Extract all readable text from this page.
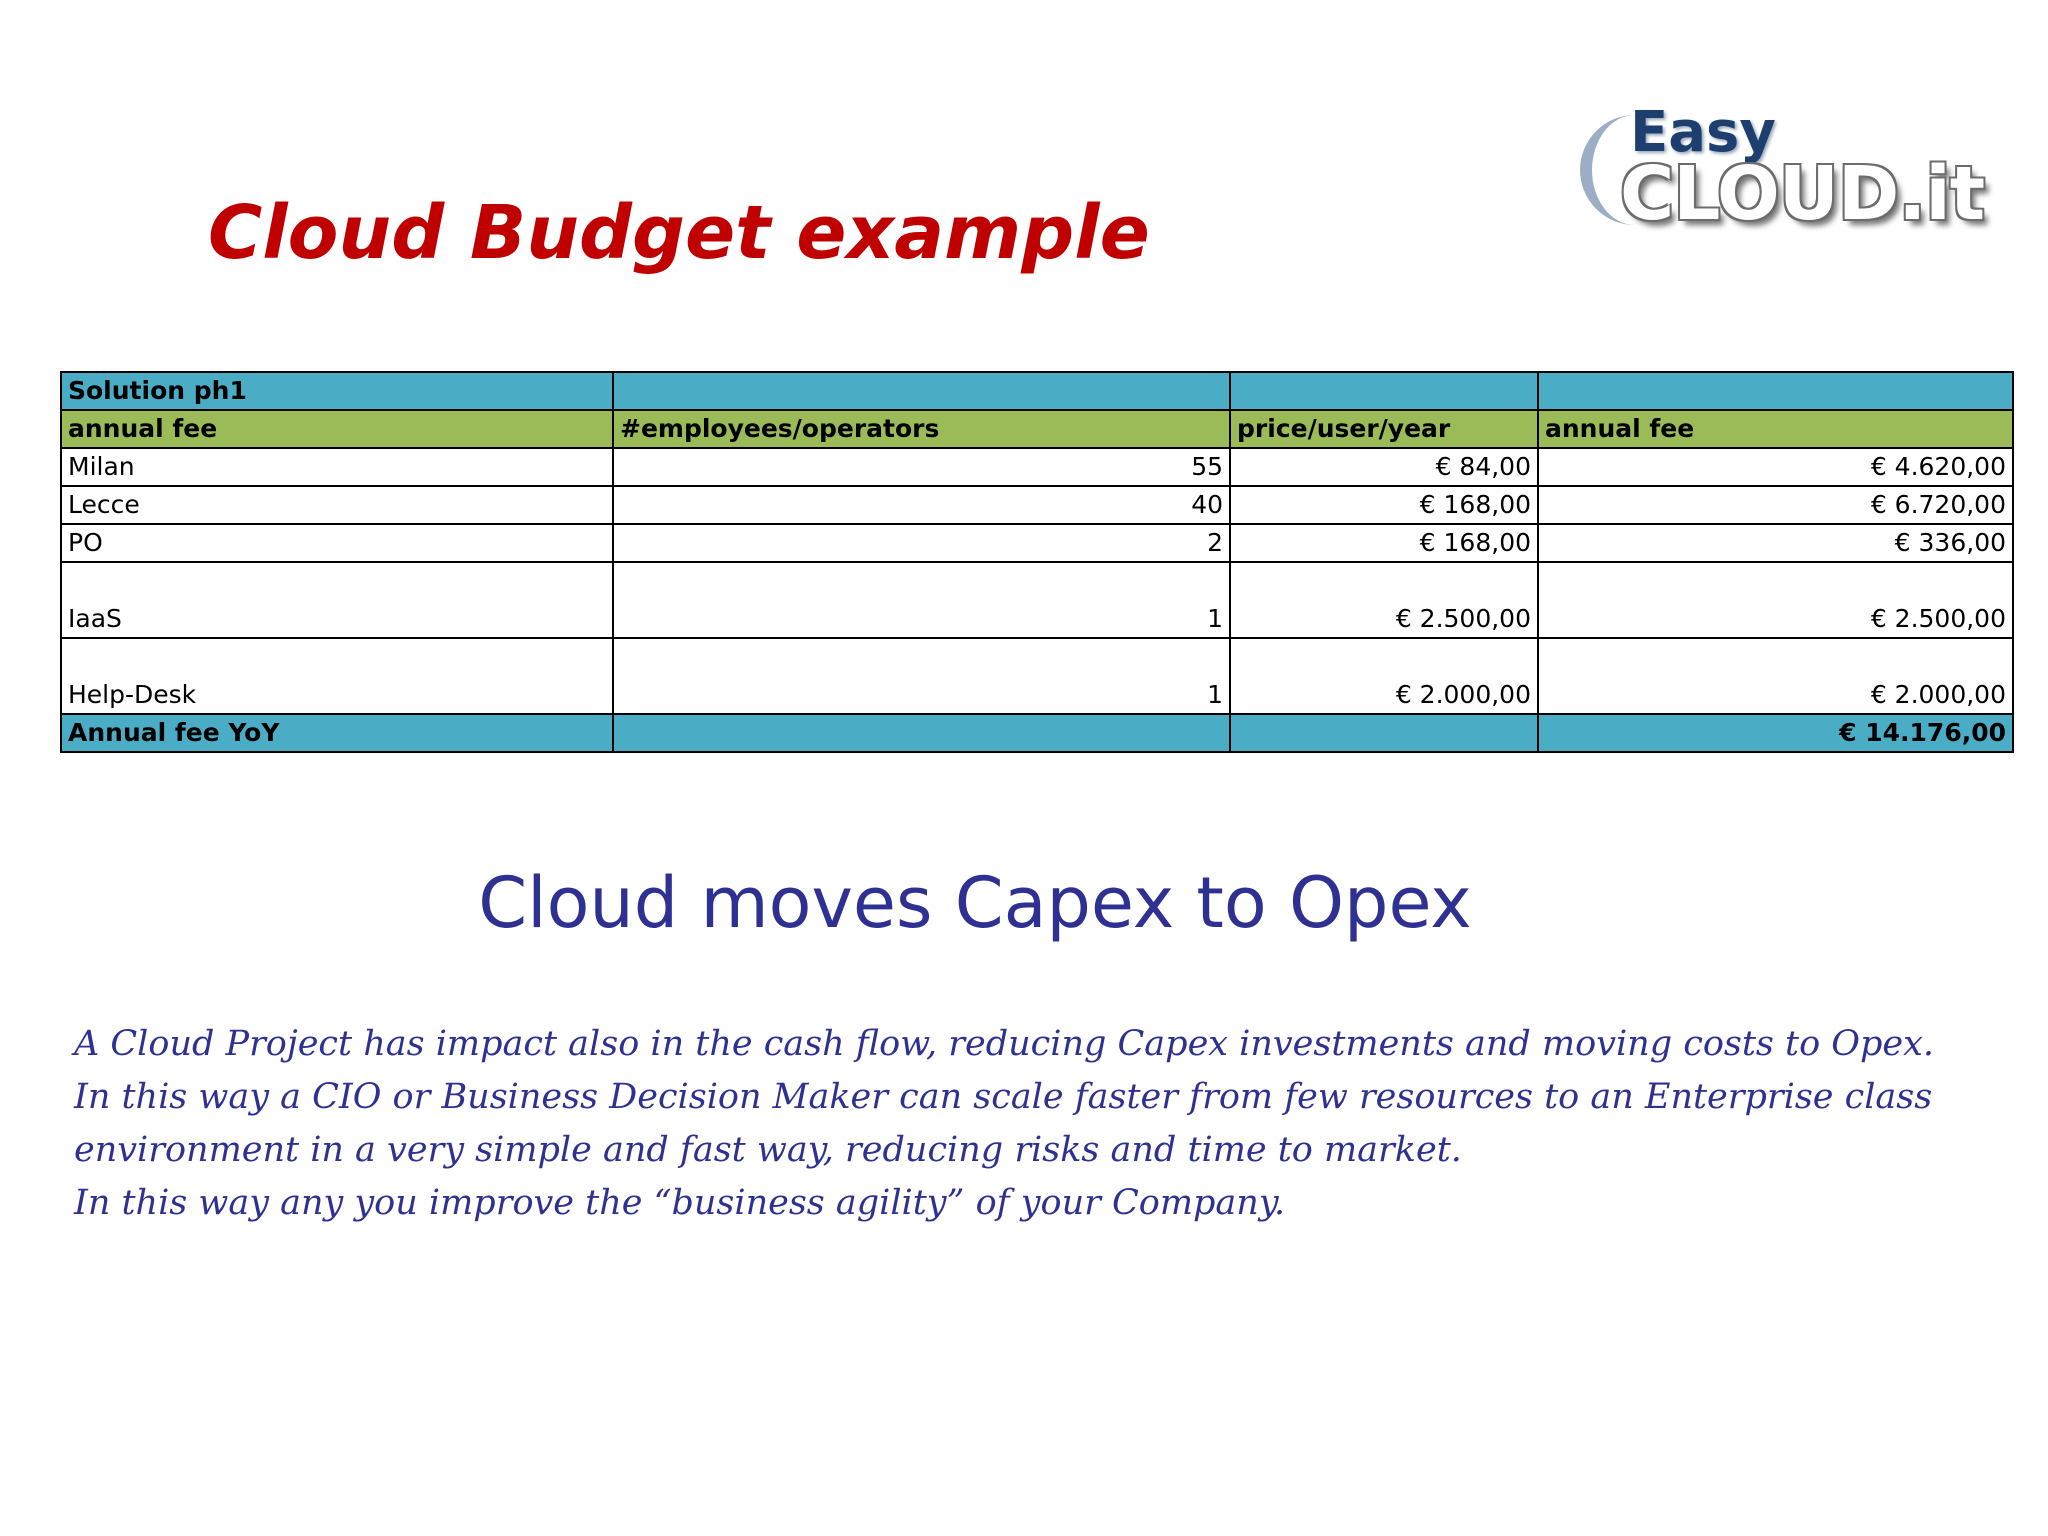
Cloud Budget example
Easy
CLOUD.it
Solution ph1			
annual fee	#employees/operators	price/user/year	annual fee
Milan	55	€ 84,00	€ 4.620,00
Lecce	40	€ 168,00	€ 6.720,00
PO	2	€ 168,00	€ 336,00
IaaS	1	€ 2.500,00	€ 2.500,00
Help-Desk	1	€ 2.000,00	€ 2.000,00
Annual fee YoY			€ 14.176,00
Cloud moves Capex to Opex
A Cloud Project has impact also in the cash flow, reducing Capex investments and moving costs to Opex.
In this way a CIO or Business Decision Maker can scale faster from few resources to an Enterprise class
environment in a very simple and fast way, reducing risks and time to market.
In this way any you improve the “business agility” of your Company.
